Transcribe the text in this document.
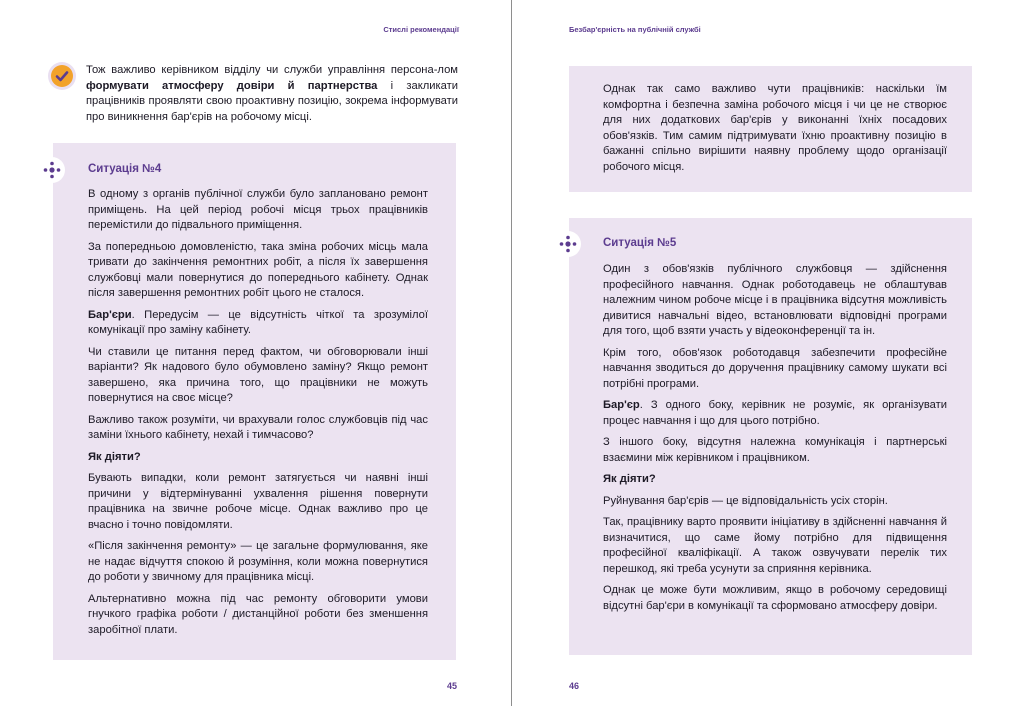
Стислі рекомендації

Тож важливо керівником відділу чи служби управління персона-лом формувати атмосферу довіри й партнерства і закликати працівників проявляти свою проактивну позицію, зокрема інформувати про виникнення бар'єрів на робочому місці.

Ситуація №4

В одному з органів публічної служби було заплановано ремонт приміщень. На цей період робочі місця трьох працівників перемістили до підвального приміщення.

За попередньою домовленістю, така зміна робочих місць мала тривати до закінчення ремонтних робіт, а після їх завершення службовці мали повернутися до попереднього кабінету. Однак після завершення ремонтних робіт цього не сталося.

Бар'єри. Передусім — це відсутність чіткої та зрозумілої комунікації про заміну кабінету.

Чи ставили це питання перед фактом, чи обговорювали інші варіанти? Як надового було обумовлено заміну? Якщо ремонт завершено, яка причина того, що працівники не можуть повернутися на своє місце?

Важливо також розуміти, чи врахували голос службовців під час заміни їхнього кабінету, нехай і тимчасово?

Як діяти?

Бувають випадки, коли ремонт затягується чи наявні інші причини у відтермінуванні ухвалення рішення повернути працівника на звичне робоче місце. Однак важливо про це вчасно і точно повідомляти.

«Після закінчення ремонту» — це загальне формулювання, яке не надає відчуття спокою й розуміння, коли можна повернутися до роботи у звичному для працівника місці.

Альтернативно можна під час ремонту обговорити умови гнучкого графіка роботи / дистанційної роботи без зменшення заробітної плати.

45
Безбар'єрність на публічній службі

Однак так само важливо чути працівників: наскільки їм комфортна і безпечна заміна робочого місця і чи це не створює для них додаткових бар'єрів у виконанні їхніх посадових обов'язків. Тим самим підтримувати їхню проактивну позицію в бажанні спільно вирішити наявну проблему щодо організації робочого місця.

Ситуація №5

Один з обов'язків публічного службовця — здійснення професійного навчання. Однак роботодавець не облаштував належним чином робоче місце і в працівника відсутня можливість дивитися навчальні відео, встановлювати відповідні програми для того, щоб взяти участь у відеоконференції та ін.

Крім того, обов'язок роботодавця забезпечити професійне навчання зводиться до доручення працівнику самому шукати всі потрібні програми.

Бар'єр. З одного боку, керівник не розуміє, як організувати процес навчання і що для цього потрібно.

З іншого боку, відсутня належна комунікація і партнерські взаємини між керівником і працівником.

Як діяти?

Руйнування бар'єрів — це відповідальність усіх сторін.

Так, працівнику варто проявити ініціативу в здійсненні навчання й визначитися, що саме йому потрібно для підвищення професійної кваліфікації. А також озвучувати перелік тих перешкод, які треба усунути за сприяння керівника.

Однак це може бути можливим, якщо в робочому середовищі відсутні бар'єри в комунікації та сформовано атмосферу довіри.

46
